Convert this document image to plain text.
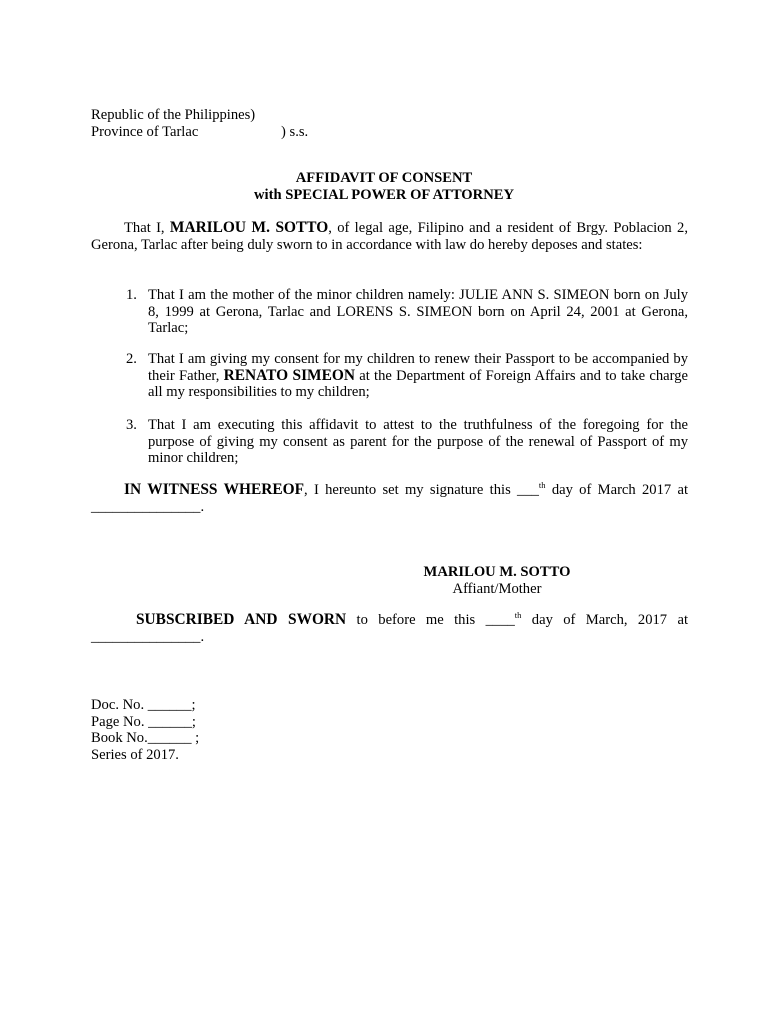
Republic of the Philippines)
Province of Tarlac	) s.s.
AFFIDAVIT OF CONSENT
with SPECIAL POWER OF ATTORNEY
That I, MARILOU M. SOTTO, of legal age, Filipino and a resident of Brgy. Poblacion 2, Gerona, Tarlac after being duly sworn to in accordance with law do hereby deposes and states:
1. That I am the mother of the minor children namely: JULIE ANN S. SIMEON born on July 8, 1999 at Gerona, Tarlac and LORENS S. SIMEON born on April 24, 2001 at Gerona, Tarlac;
2. That I am giving my consent for my children to renew their Passport to be accompanied by their Father, RENATO SIMEON at the Department of Foreign Affairs and to take charge all my responsibilities to my children;
3. That I am executing this affidavit to attest to the truthfulness of the foregoing for the purpose of giving my consent as parent for the purpose of the renewal of Passport of my minor children;
IN WITNESS WHEREOF, I hereunto set my signature this ___$^{th}$ day of March 2017 at _______________.
MARILOU M. SOTTO
Affiant/Mother
SUBSCRIBED AND SWORN to before me this ____$^{th}$ day of March, 2017 at _______________.
Doc. No. ______;
Page No. ______;
Book No.______ ;
Series of 2017.
